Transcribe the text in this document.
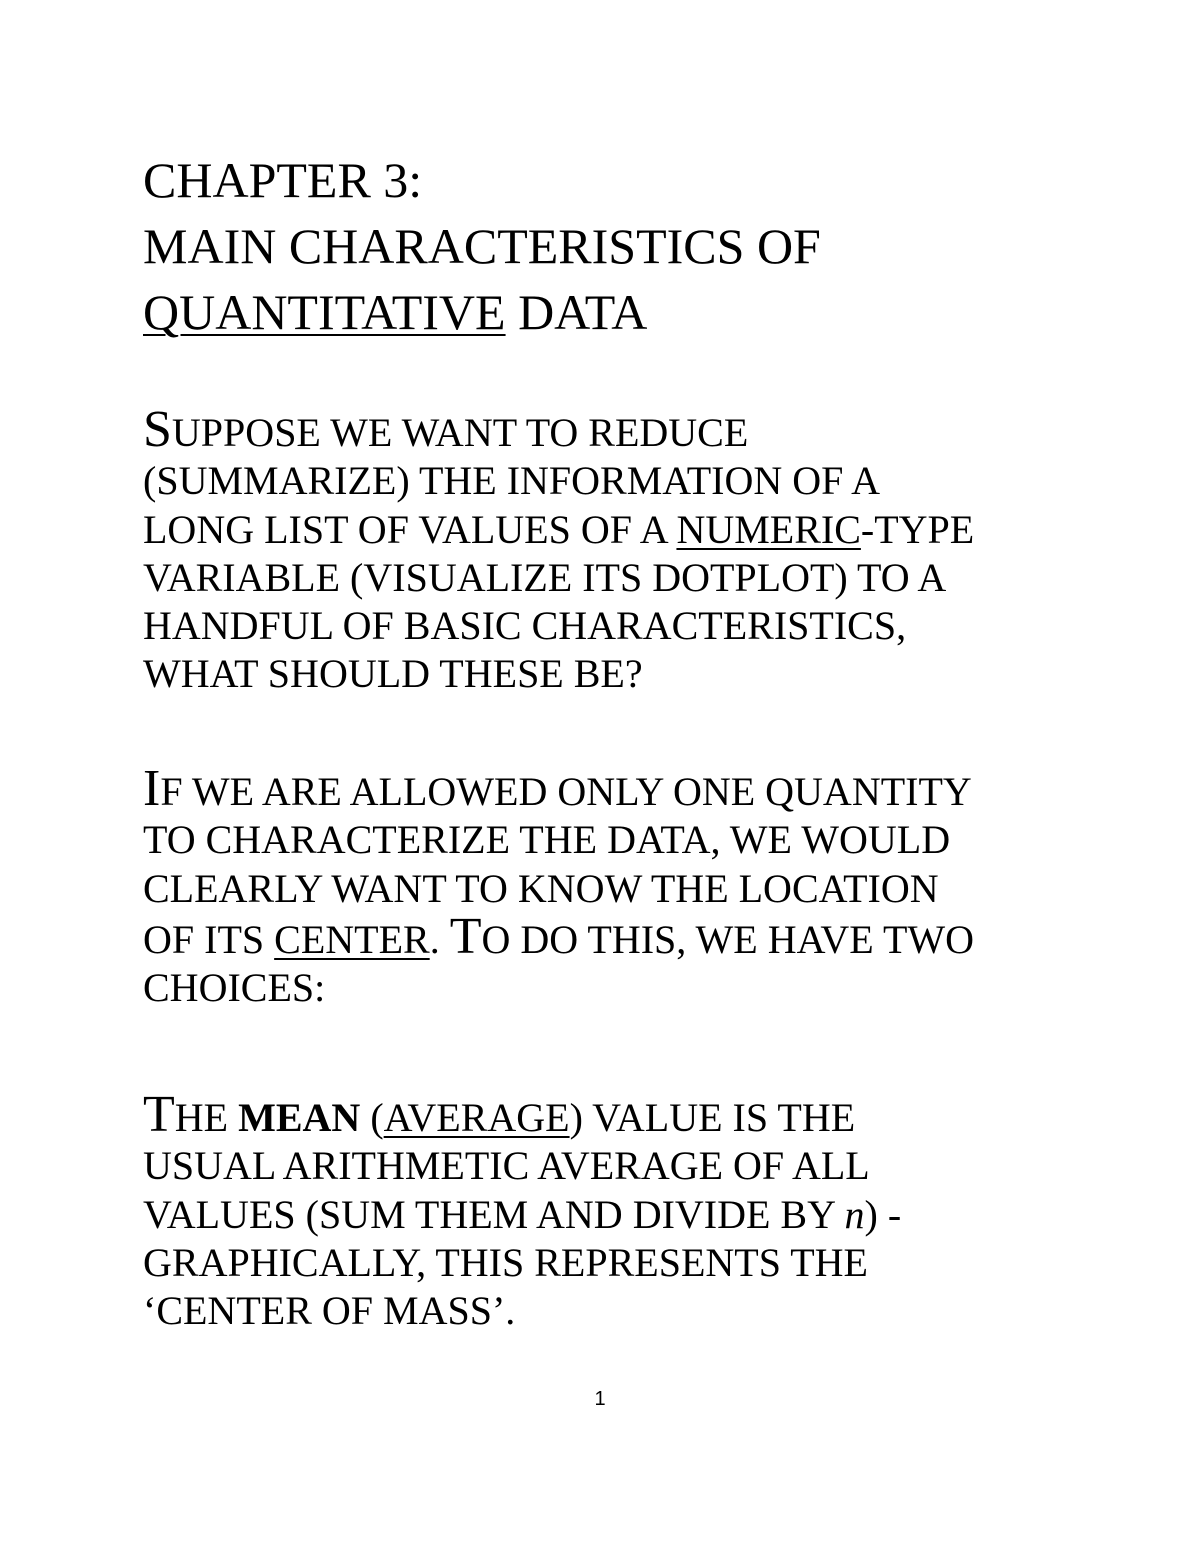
CHAPTER 3:
MAIN CHARACTERISTICS OF
QUANTITATIVE DATA
SUPPOSE WE WANT TO REDUCE
(SUMMARIZE) THE INFORMATION OF A
LONG LIST OF VALUES OF A NUMERIC-TYPE
VARIABLE (VISUALIZE ITS DOTPLOT) TO A
HANDFUL OF BASIC CHARACTERISTICS,
WHAT SHOULD THESE BE?
IF WE ARE ALLOWED ONLY ONE QUANTITY
TO CHARACTERIZE THE DATA, WE WOULD
CLEARLY WANT TO KNOW THE LOCATION
OF ITS CENTER. TO DO THIS, WE HAVE TWO
CHOICES:
THE MEAN (AVERAGE) VALUE IS THE
USUAL ARITHMETIC AVERAGE OF ALL
VALUES (SUM THEM AND DIVIDE BY n) -
GRAPHICALLY, THIS REPRESENTS THE
‘CENTER OF MASS’.
1
